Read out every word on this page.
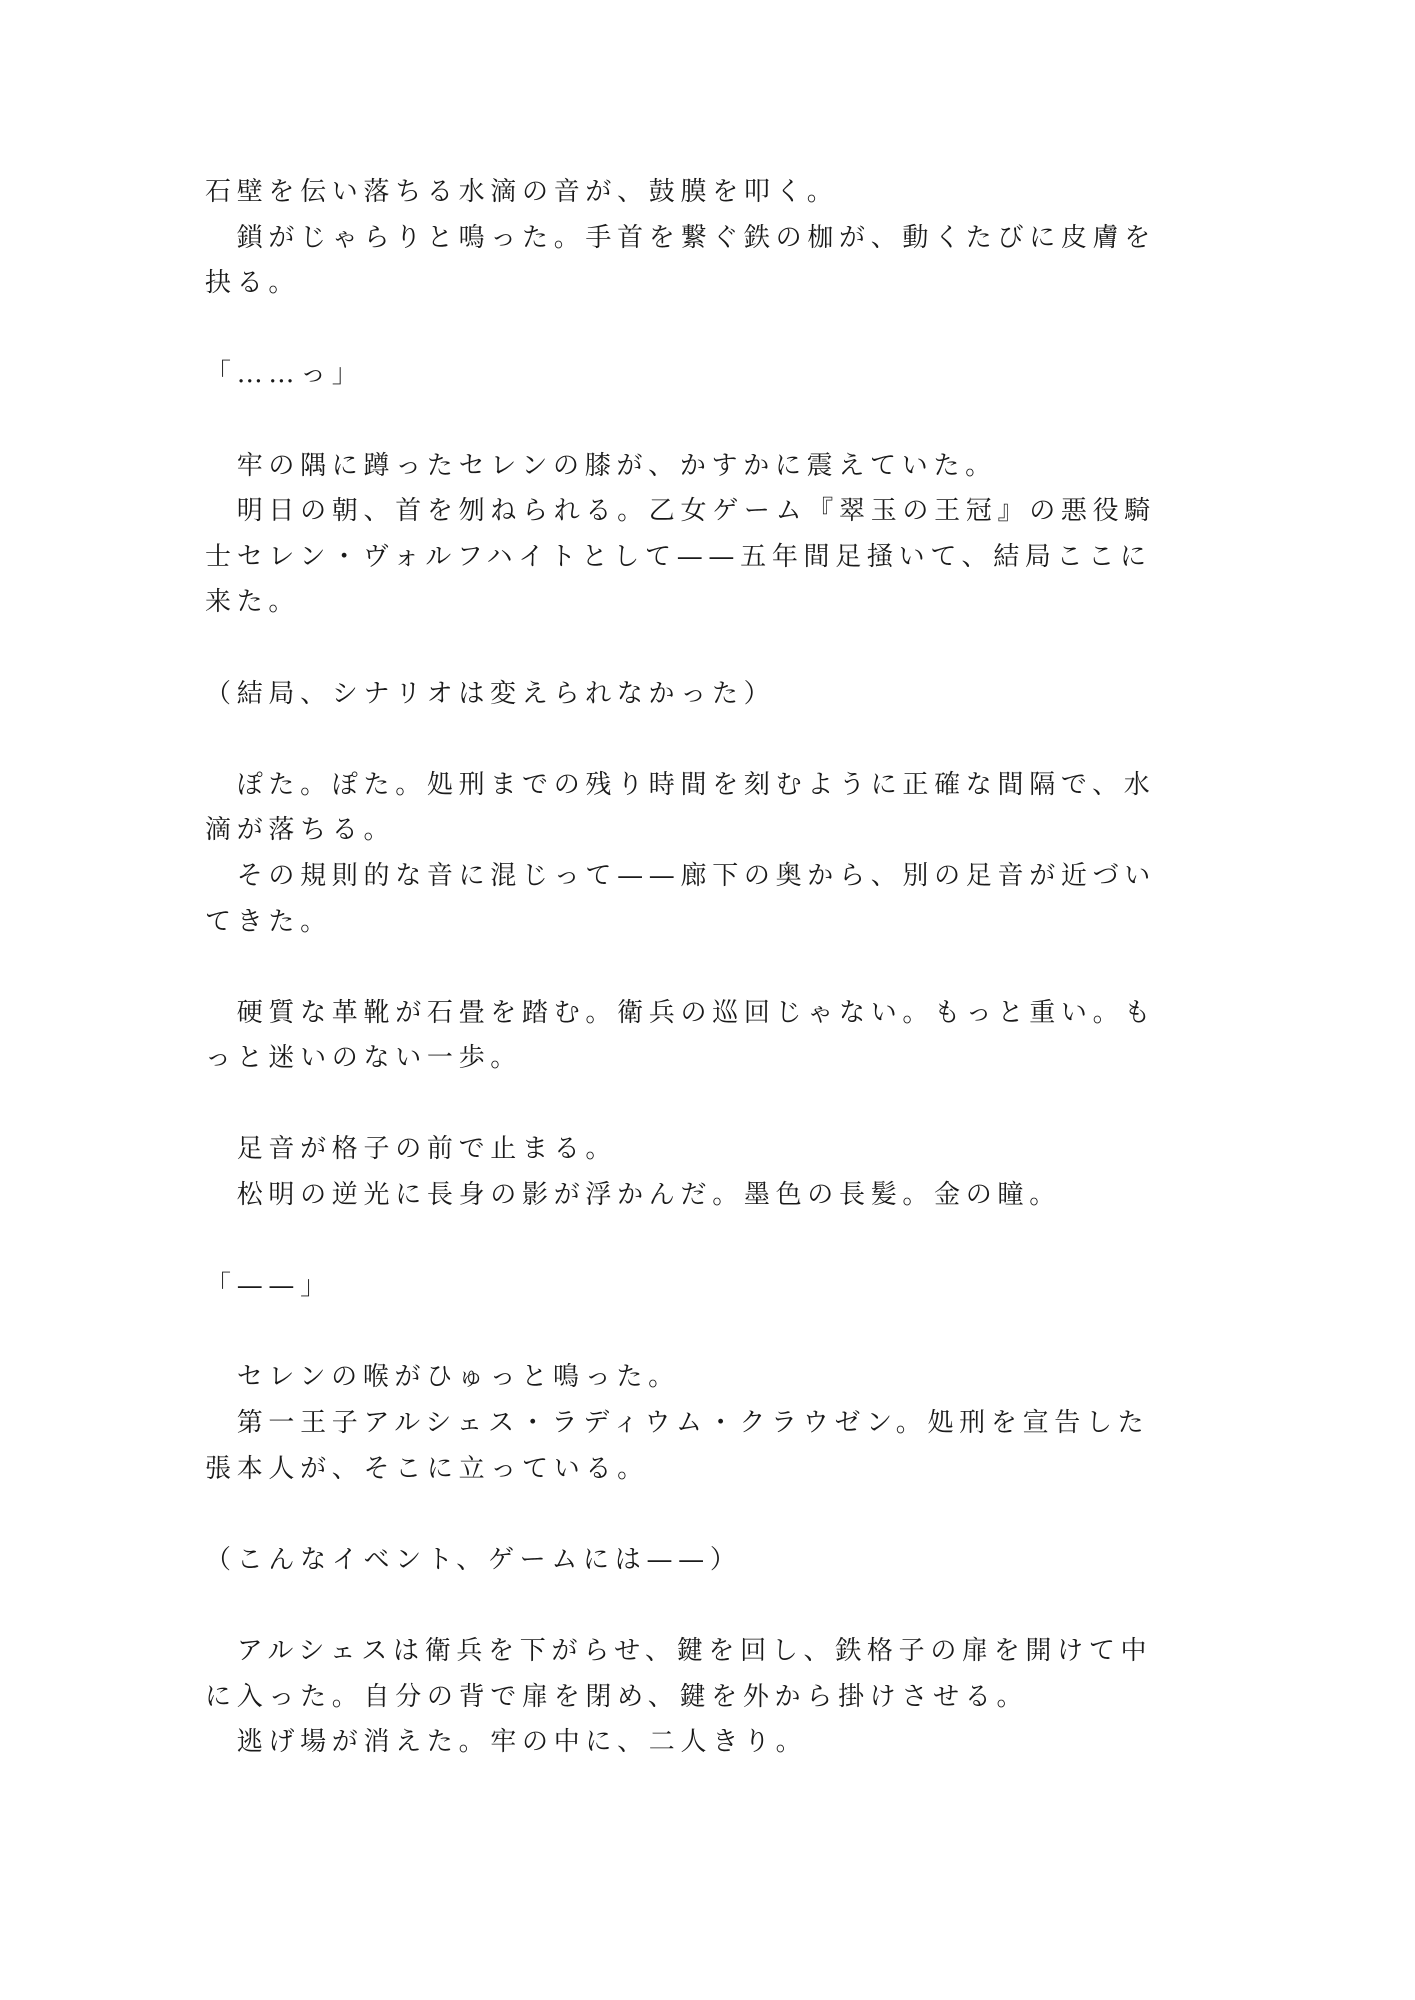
石壁を伝い落ちる水滴の音が、鼓膜を叩く。
　鎖がじゃらりと鳴った。手首を繋ぐ鉄の枷が、動くたびに皮膚を
抉る。
「……っ」
　牢の隅に蹲ったセレンの膝が、かすかに震えていた。
　明日の朝、首を刎ねられる。乙女ゲーム『翠玉の王冠』の悪役騎
士セレン・ヴォルフハイトとして——五年間足掻いて、結局ここに
来た。
（結局、シナリオは変えられなかった）
　ぽた。ぽた。処刑までの残り時間を刻むように正確な間隔で、水
滴が落ちる。
　その規則的な音に混じって——廊下の奥から、別の足音が近づい
てきた。
　硬質な革靴が石畳を踏む。衛兵の巡回じゃない。もっと重い。も
っと迷いのない一歩。
　足音が格子の前で止まる。
　松明の逆光に長身の影が浮かんだ。墨色の長髪。金の瞳。
「——」
　セレンの喉がひゅっと鳴った。
　第一王子アルシェス・ラディウム・クラウゼン。処刑を宣告した
張本人が、そこに立っている。
（こんなイベント、ゲームには——）
　アルシェスは衛兵を下がらせ、鍵を回し、鉄格子の扉を開けて中
に入った。自分の背で扉を閉め、鍵を外から掛けさせる。
　逃げ場が消えた。牢の中に、二人きり。
